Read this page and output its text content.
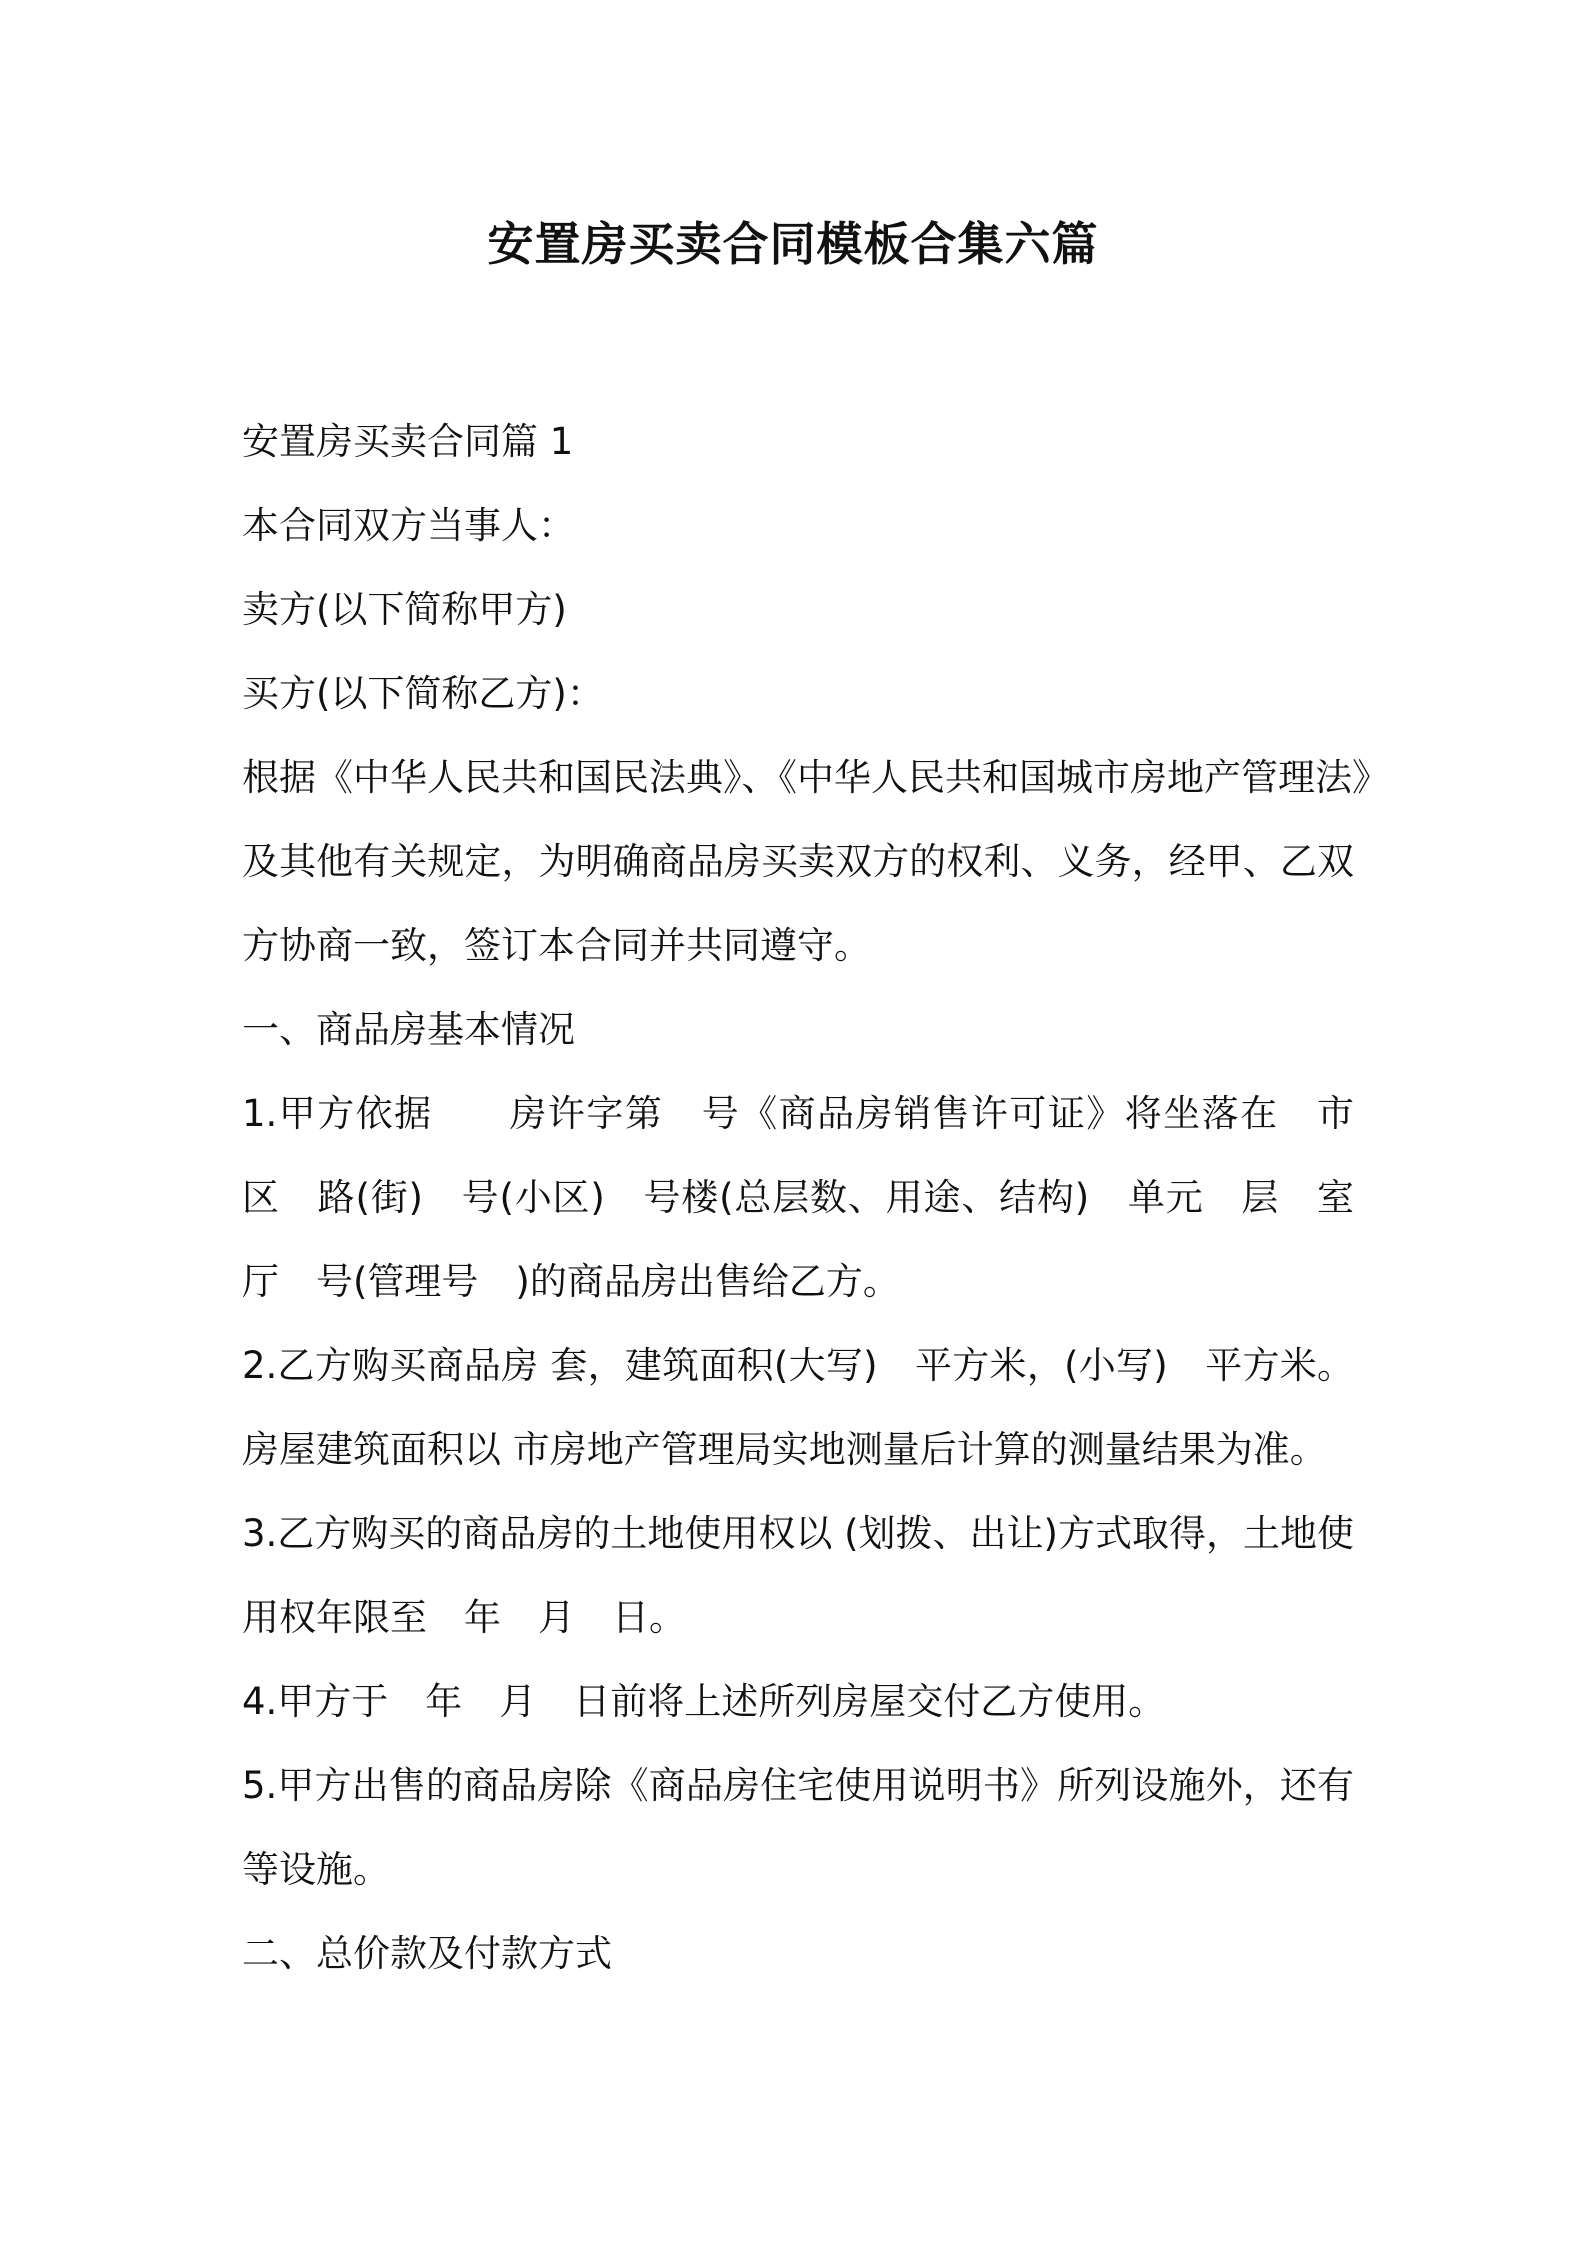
安置房买卖合同模板合集六篇

安置房买卖合同篇 1

本合同双方当事人：

卖方(以下简称甲方)

买方(以下简称乙方)：

根据《中华人民共和国民法典》、《中华人民共和国城市房地产管理法》

及其他有关规定，为明确商品房买卖双方的权利、义务，经甲、乙双

方协商一致，签订本合同并共同遵守。

一、商品房基本情况

1.甲方依据　　房许字第　号《商品房销售许可证》将坐落在　市

区　路(街)　号(小区)　号楼(总层数、用途、结构)　单元　层　室

厅　号(管理号　)的商品房出售给乙方。

2.乙方购买商品房 套，建筑面积(大写)　平方米，(小写)　平方米。

房屋建筑面积以 市房地产管理局实地测量后计算的测量结果为准。

3.乙方购买的商品房的土地使用权以 (划拨、出让)方式取得，土地使

用权年限至　年　月　日。

4.甲方于　年　月　日前将上述所列房屋交付乙方使用。

5.甲方出售的商品房除《商品房住宅使用说明书》所列设施外，还有

等设施。

二、总价款及付款方式
